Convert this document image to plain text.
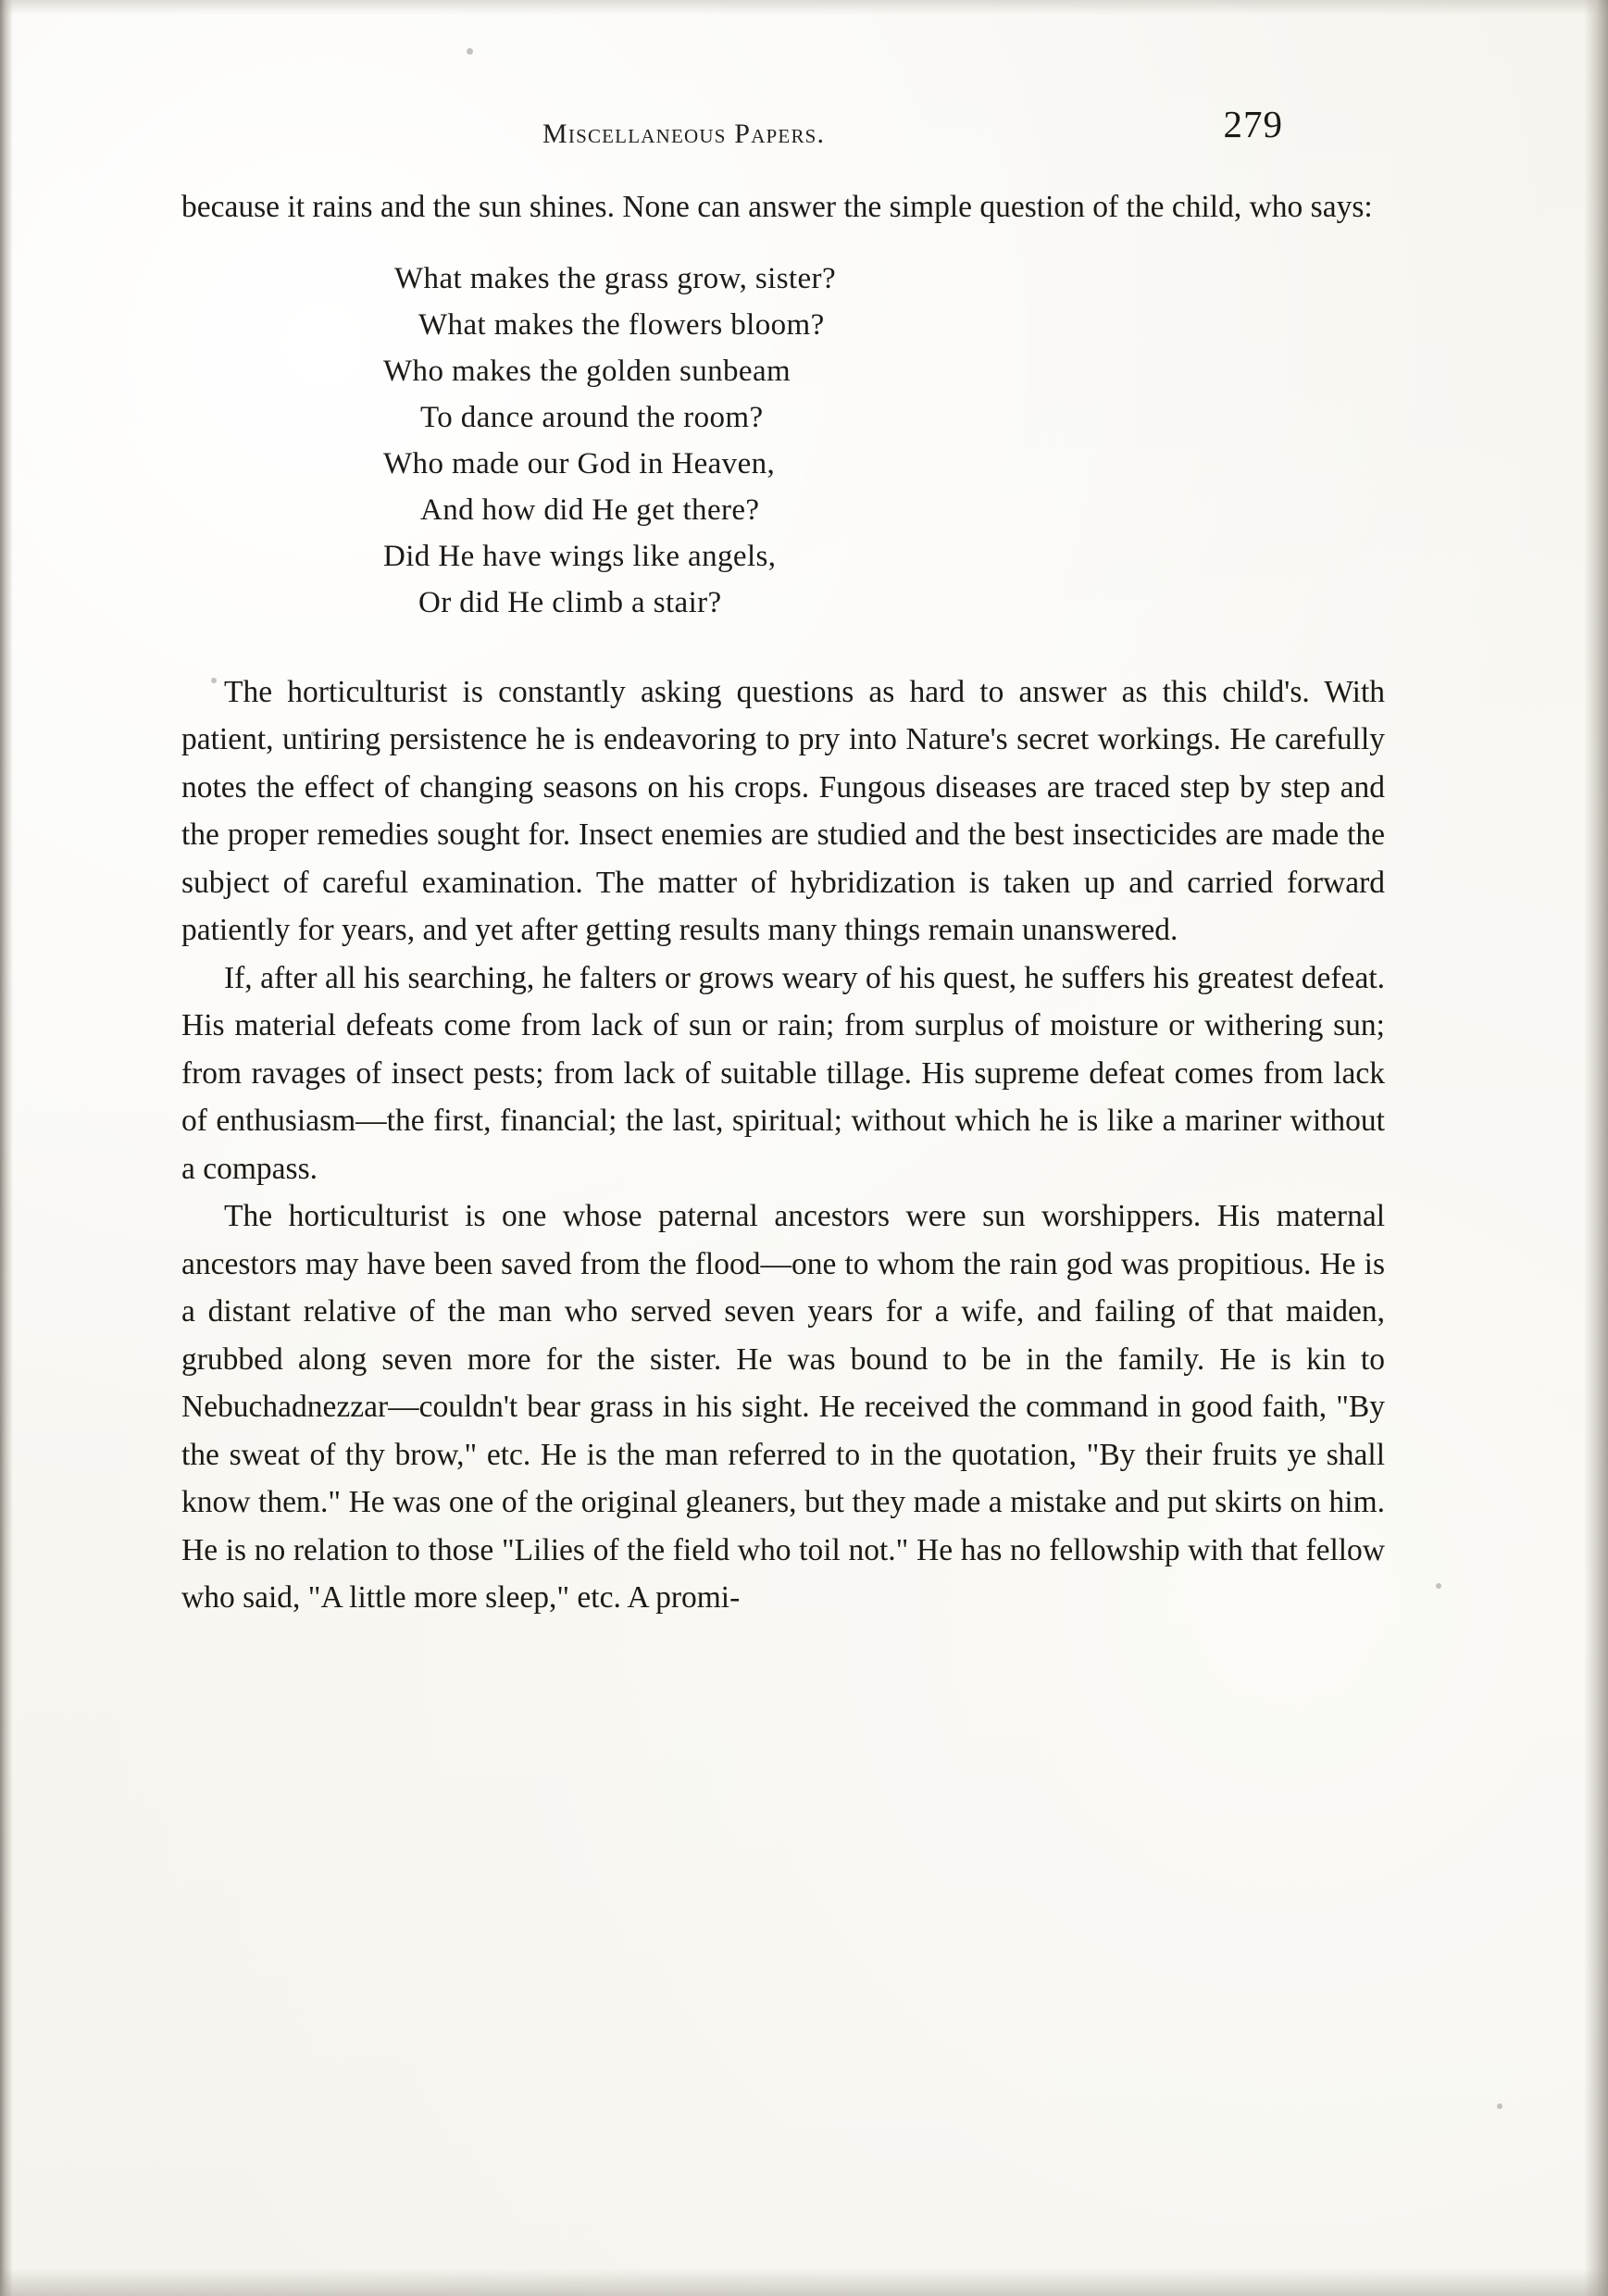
Miscellaneous Papers.	279

because it rains and the sun shines. None can answer the simple question of the child, who says:

What makes the grass grow, sister?
What makes the flowers bloom?
Who makes the golden sunbeam
To dance around the room?
Who made our God in Heaven,
And how did He get there?
Did He have wings like angels,
Or did He climb a stair?

The horticulturist is constantly asking questions as hard to answer as this child's. With patient, untiring persistence he is endeavoring to pry into Nature's secret workings. He carefully notes the effect of changing seasons on his crops. Fungous diseases are traced step by step and the proper remedies sought for. Insect enemies are studied and the best insecticides are made the subject of careful examination. The matter of hybridization is taken up and carried forward patiently for years, and yet after getting results many things remain unanswered.

If, after all his searching, he falters or grows weary of his quest, he suffers his greatest defeat. His material defeats come from lack of sun or rain; from surplus of moisture or withering sun; from ravages of insect pests; from lack of suitable tillage. His supreme defeat comes from lack of enthusiasm—the first, financial; the last, spiritual; without which he is like a mariner without a compass.

The horticulturist is one whose paternal ancestors were sun worshippers. His maternal ancestors may have been saved from the flood—one to whom the rain god was propitious. He is a distant relative of the man who served seven years for a wife, and failing of that maiden, grubbed along seven more for the sister. He was bound to be in the family. He is kin to Nebuchadnezzar—couldn't bear grass in his sight. He received the command in good faith, "By the sweat of thy brow," etc. He is the man referred to in the quotation, "By their fruits ye shall know them." He was one of the original gleaners, but they made a mistake and put skirts on him. He is no relation to those "Lilies of the field who toil not." He has no fellowship with that fellow who said, "A little more sleep," etc. A promi-
